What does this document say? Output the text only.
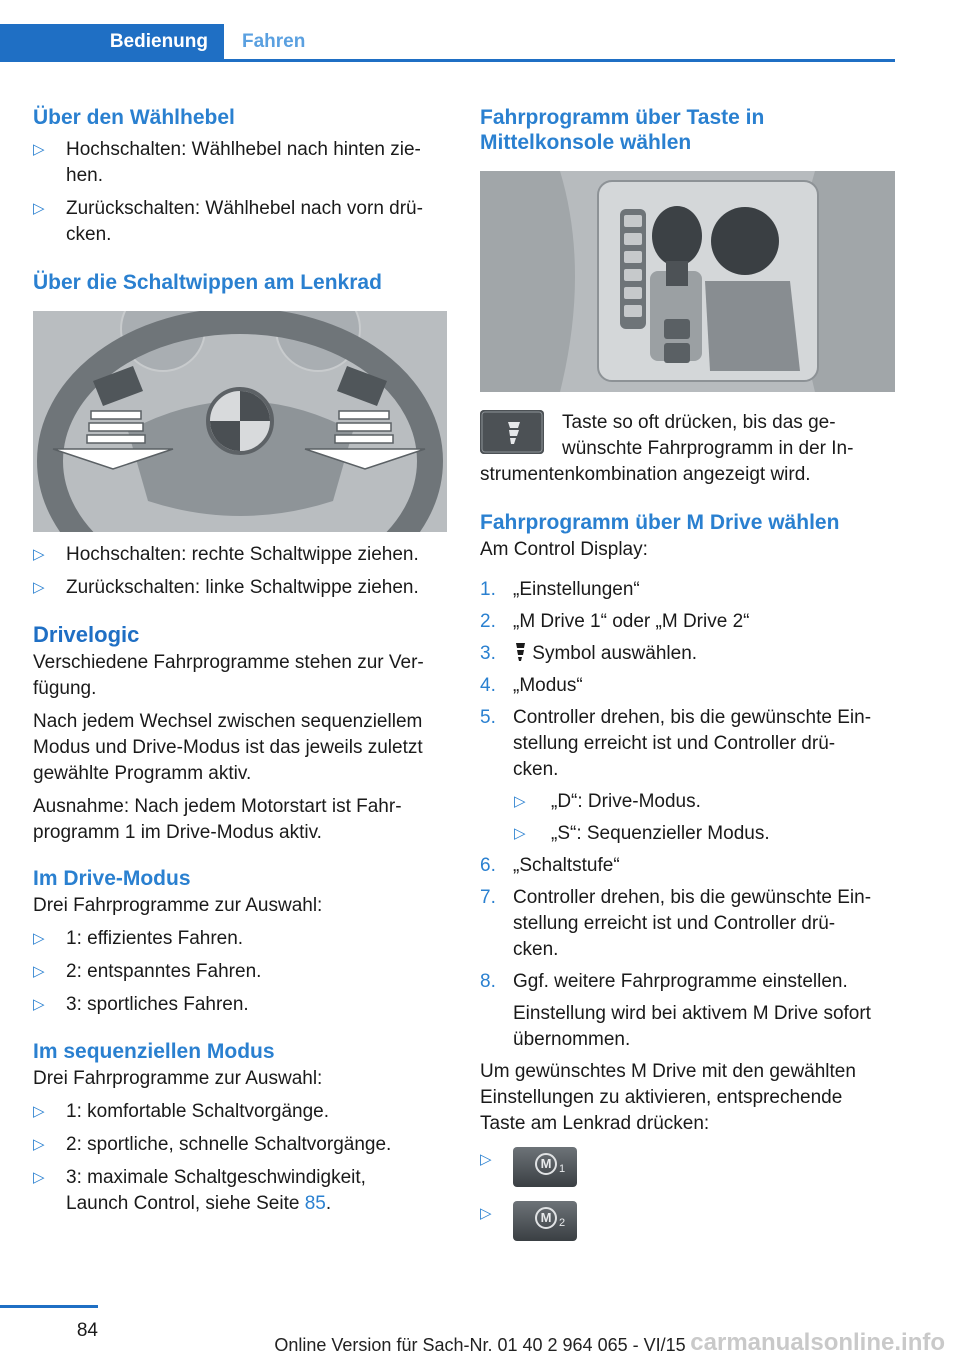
Bedienung	Fahren
Über den Wählhebel
▷ Hochschalten: Wählhebel nach hinten zie-
hen.
▷ Zurückschalten: Wählhebel nach vorn drü-
cken.
Über die Schaltwippen am Lenkrad
▷ Hochschalten: rechte Schaltwippe ziehen.
▷ Zurückschalten: linke Schaltwippe ziehen.
Drivelogic

Verschiedene Fahrprogramme stehen zur Ver-
fügung.

Nach jedem Wechsel zwischen sequenziellem
Modus und Drive-Modus ist das jeweils zuletzt
gewählte Programm aktiv.

Ausnahme: Nach jedem Motorstart ist Fahr-
programm 1 im Drive-Modus aktiv.

Im Drive-Modus

Drei Fahrprogramme zur Auswahl:

▷ 1: effizientes Fahren.
▷ 2: entspanntes Fahren.
▷ 3: sportliches Fahren.
Im sequenziellen Modus

Drei Fahrprogramme zur Auswahl:

▷ 1: komfortable Schaltvorgänge.
▷ 2: sportliche, schnelle Schaltvorgänge.
▷ 3: maximale Schaltgeschwindigkeit,
Launch Control, siehe Seite 85.
Fahrprogramm über Taste in
Mittelkonsole wählen

Taste so oft drücken, bis das ge-
wünschte Fahrprogramm in der In-

strumentenkombination angezeigt wird.

Fahrprogramm über M Drive wählen

Am Control Display:

1. „Einstellungen“
2. „M Drive 1“ oder „M Drive 2“
3. Symbol auswählen.
4. „Modus“
5. Controller drehen, bis die gewünschte Ein-
stellung erreicht ist und Controller drü-
cken.
▷ „D“: Drive-Modus.
▷ „S“: Sequenzieller Modus.
6. „Schaltstufe“
7. Controller drehen, bis die gewünschte Ein-
stellung erreicht ist und Controller drü-
cken.
8. Ggf. weitere Fahrprogramme einstellen.

Einstellung wird bei aktivem M Drive sofort
übernommen.

Um gewünschtes M Drive mit den gewählten
Einstellungen zu aktivieren, entsprechende
Taste am Lenkrad drücken:

▷	M 1
▷	M 2
84	carmanualsonline.info
Online Version für Sach-Nr. 01 40 2 964 065 - VI/15
